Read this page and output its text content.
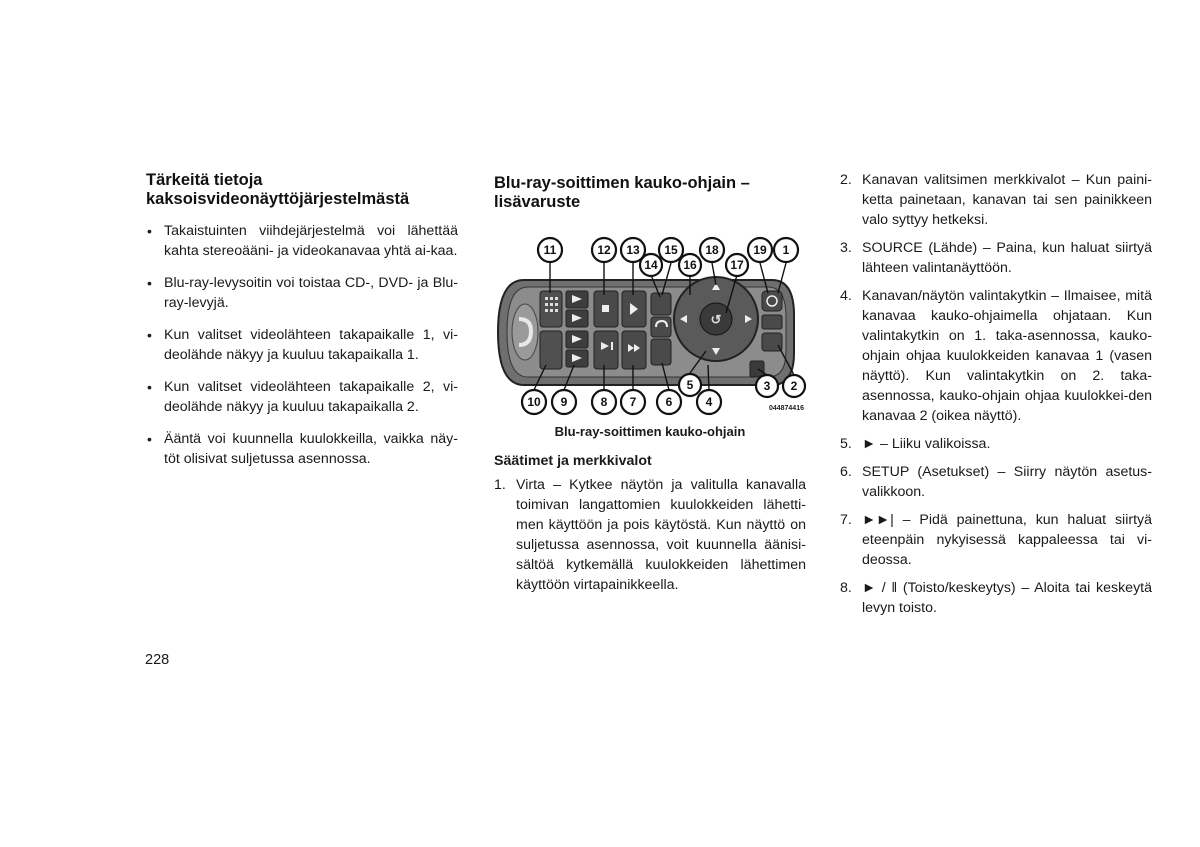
Tärkeitä tietoja kaksoisvideonäyttöjärjestelmästä
• Takaistuinten viihdejärjestelmä voi lähettää kahta stereoääni- ja videokanavaa yhtä ai-kaa.
• Blu-ray-levysoitin voi toistaa CD-, DVD- ja Blu-ray-levyjä.
• Kun valitset videolähteen takapaikalle 1, vi-deolähde näkyy ja kuuluu takapaikalla 1.
• Kun valitset videolähteen takapaikalle 2, vi-deolähde näkyy ja kuuluu takapaikalla 2.
• Ääntä voi kuunnella kuulokkeilla, vaikka näy-töt olisivat suljetussa asennossa.
Blu-ray-soittimen kauko-ohjain – lisävaruste
↺
11	12 13
14
15
16
18
17
19 1
10 9	8 7 6
5
4
3 2
044874416
Blu-ray-soittimen kauko-ohjain
Säätimet ja merkkivalot
1. Virta – Kytkee näytön ja valitulla kanavalla toimivan langattomien kuulokkeiden lähetti-men käyttöön ja pois käytöstä. Kun näyttö on suljetussa asennossa, voit kuunnella äänisi-sältöä kytkemällä kuulokkeiden lähettimen käyttöön virtapainikkeella.
2. Kanavan valitsimen merkkivalot – Kun paini-ketta painetaan, kanavan tai sen painikkeen valo syttyy hetkeksi.
3. SOURCE (Lähde) – Paina, kun haluat siirtyä lähteen valintanäyttöön.
4. Kanavan/näytön valintakytkin – Ilmaisee, mitä kanavaa kauko-ohjaimella ohjataan. Kun valintakytkin on 1. taka-asennossa, kauko-ohjain ohjaa kuulokkeiden kanavaa 1 (vasen näyttö). Kun valintakytkin on 2. taka-asennossa, kauko-ohjain ohjaa kuulokkei-den kanavaa 2 (oikea näyttö).
5. ► – Liiku valikoissa.
6. SETUP (Asetukset) – Siirry näytön asetus-valikkoon.
7. ►►| – Pidä painettuna, kun haluat siirtyä eteenpäin nykyisessä kappaleessa tai vi-deossa.
8. ► / ‖ (Toisto/keskeytys) – Aloita tai keskeytä levyn toisto.
228
